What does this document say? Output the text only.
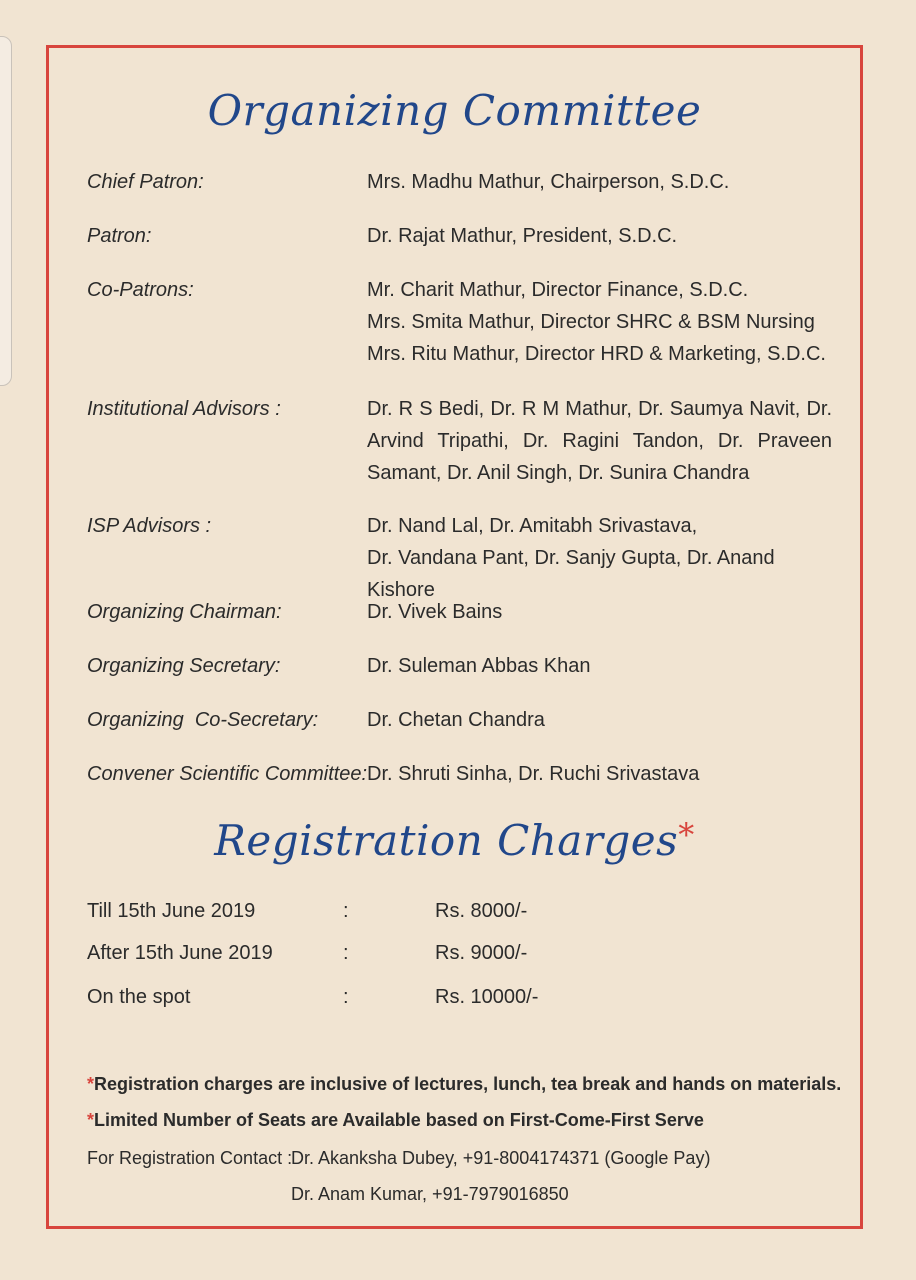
Organizing Committee
Chief Patron:	Mrs. Madhu Mathur, Chairperson, S.D.C.
Patron:	Dr. Rajat Mathur, President, S.D.C.
Co-Patrons:	Mr. Charit Mathur, Director Finance, S.D.C.
Mrs. Smita Mathur, Director SHRC & BSM Nursing
Mrs. Ritu Mathur, Director HRD & Marketing, S.D.C.
Institutional Advisors :	Dr. R S Bedi, Dr. R M Mathur, Dr. Saumya Navit, Dr. Arvind Tripathi, Dr. Ragini Tandon, Dr. Praveen Samant, Dr. Anil Singh, Dr. Sunira Chandra
ISP Advisors :	Dr. Nand Lal, Dr. Amitabh Srivastava,
Dr. Vandana Pant, Dr. Sanjy Gupta, Dr. Anand Kishore
Organizing Chairman:	Dr. Vivek Bains
Organizing Secretary:	Dr. Suleman Abbas Khan
Organizing  Co-Secretary:	Dr. Chetan Chandra
Convener Scientific Committee: Dr. Shruti Sinha, Dr. Ruchi Srivastava
Registration Charges*
Till 15th June 2019	:	Rs. 8000/-
After 15th June 2019	:	Rs. 9000/-
On the spot	:	Rs. 10000/-
*Registration charges are inclusive of lectures, lunch, tea break and hands on materials.
*Limited Number of Seats are Available based on First-Come-First Serve
For Registration Contact :
Dr. Akanksha Dubey, +91-8004174371 (Google Pay)
Dr. Anam Kumar, +91-7979016850
